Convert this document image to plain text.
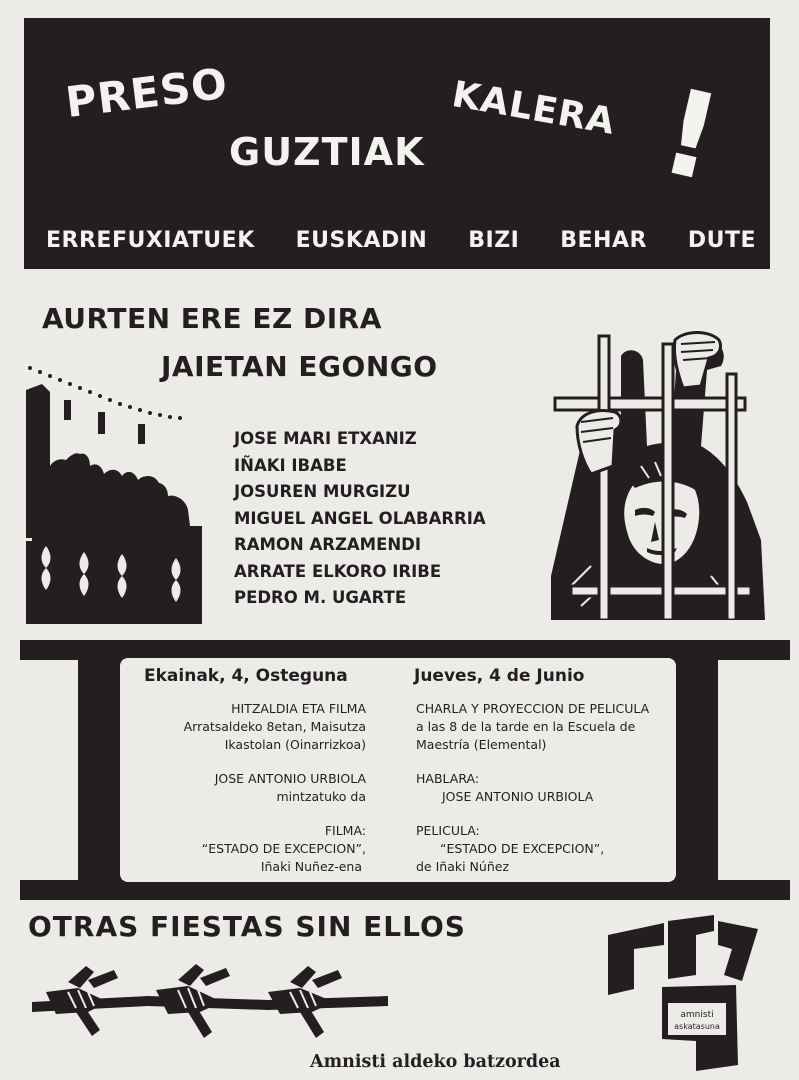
PRESO	KALERA
GUZTIAK !
ERREFUXIATUEK EUSKADIN BIZI BEHAR DUTE
AURTEN ERE EZ DIRA
JAIETAN EGONGO
JOSE MARI ETXANIZ
IÑAKI IBABE
JOSUREN MURGIZU
MIGUEL ANGEL OLABARRIA
RAMON ARZAMENDI
ARRATE ELKORO IRIBE
PEDRO M. UGARTE
Ekainak, 4, Osteguna
HITZALDIA ETA FILMA
Arratsaldeko 8etan, Maisutza
Ikastolan (Oinarrizkoa)
JOSE ANTONIO URBIOLA
mintzatuko da
FILMA:
“ESTADO DE EXCEPCION”,
Iñaki Nuñez-ena
Jueves, 4 de Junio
CHARLA Y PROYECCION DE PELICULA
a las 8 de la tarde en la Escuela de
Maestría (Elemental)
HABLARA:
JOSE ANTONIO URBIOLA
PELICULA:
“ESTADO DE EXCEPCION”,
de Iñaki Núñez
OTRAS FIESTAS SIN ELLOS
amnisti
askatasuna
Amnisti aldeko batzordea
